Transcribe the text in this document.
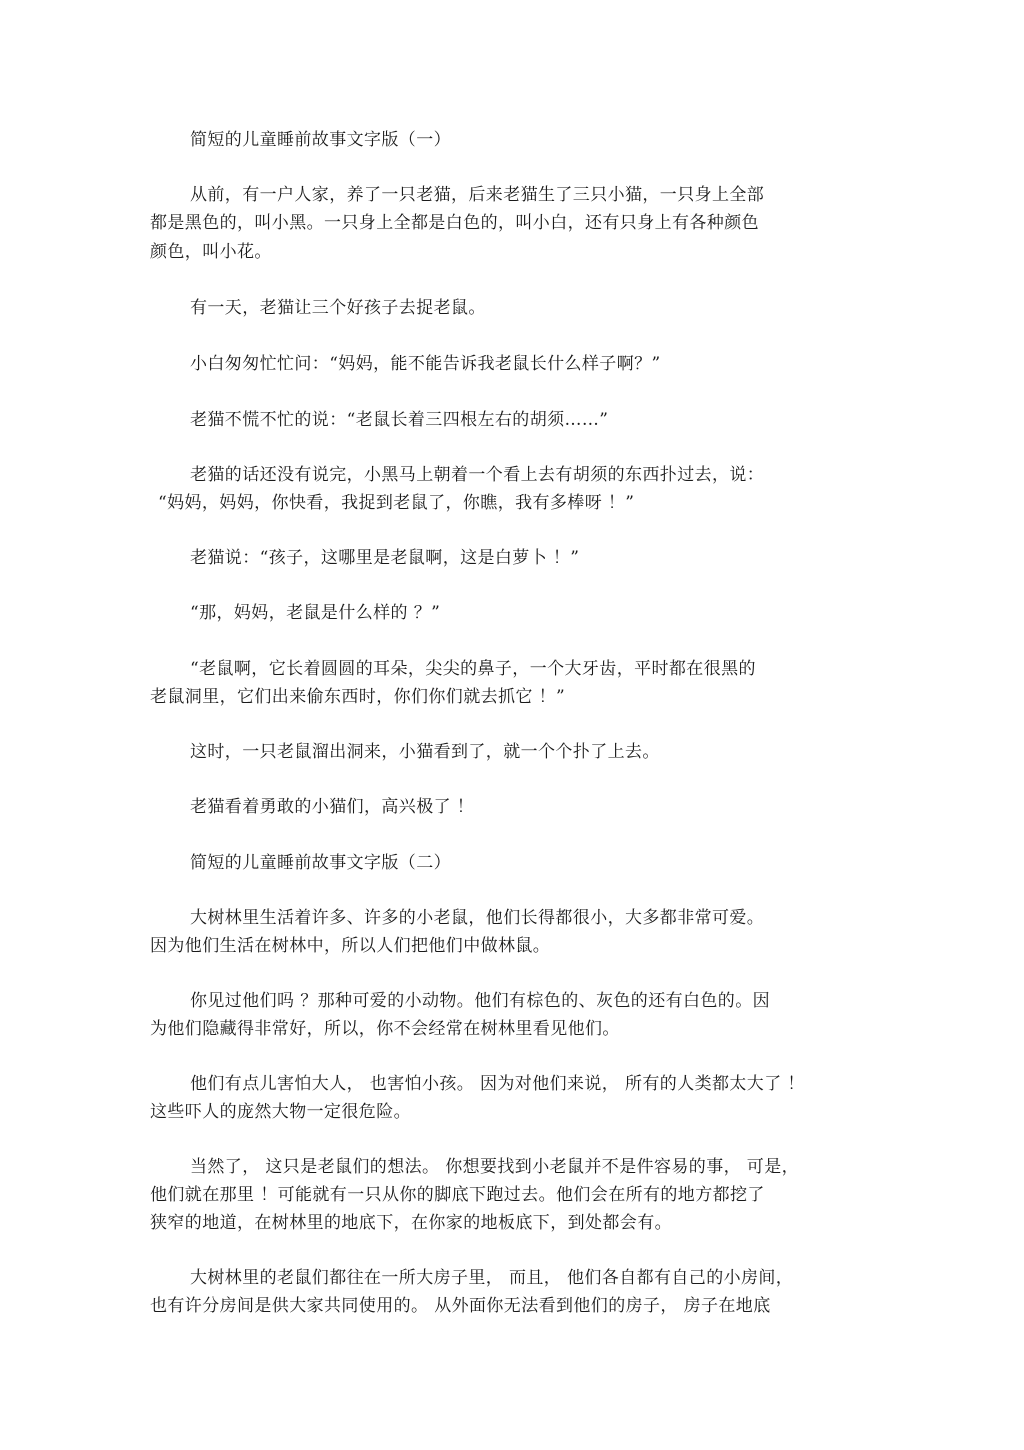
简短的儿童睡前故事文字版（一）
从前，有一户人家，养了一只老猫，后来老猫生了三只小猫，一只身上全部
都是黑色的，叫小黑。一只身上全都是白色的，叫小白，还有只身上有各种颜色
颜色，叫小花。
有一天，老猫让三个好孩子去捉老鼠。
小白匆匆忙忙问：“妈妈，能不能告诉我老鼠长什么样子啊？”
老猫不慌不忙的说：“老鼠长着三四根左右的胡须……”
老猫的话还没有说完，小黑马上朝着一个看上去有胡须的东西扑过去，说：
“妈妈，妈妈，你快看，我捉到老鼠了，你瞧，我有多棒呀 ！”
老猫说：“孩子，这哪里是老鼠啊，这是白萝卜 ！”
“那，妈妈，老鼠是什么样的 ？”
“老鼠啊，它长着圆圆的耳朵，尖尖的鼻子，一个大牙齿，平时都在很黑的
老鼠洞里，它们出来偷东西时，你们你们就去抓它 ！”
这时，一只老鼠溜出洞来，小猫看到了，就一个个扑了上去。
老猫看着勇敢的小猫们，高兴极了 ！
简短的儿童睡前故事文字版（二）
大树林里生活着许多、许多的小老鼠，他们长得都很小，大多都非常可爱。
因为他们生活在树林中，所以人们把他们中做林鼠。
你见过他们吗 ？那种可爱的小动物。他们有棕色的、灰色的还有白色的。因
为他们隐藏得非常好，所以，你不会经常在树林里看见他们。
他们有点儿害怕大人， 也害怕小孩。 因为对他们来说， 所有的人类都太大了 ！
这些吓人的庞然大物一定很危险。
当然了， 这只是老鼠们的想法。 你想要找到小老鼠并不是件容易的事， 可是，
他们就在那里 ！可能就有一只从你的脚底下跑过去。他们会在所有的地方都挖了
狭窄的地道，在树林里的地底下，在你家的地板底下，到处都会有。
大树林里的老鼠们都往在一所大房子里， 而且， 他们各自都有自己的小房间，
也有许分房间是供大家共同使用的。 从外面你无法看到他们的房子， 房子在地底
